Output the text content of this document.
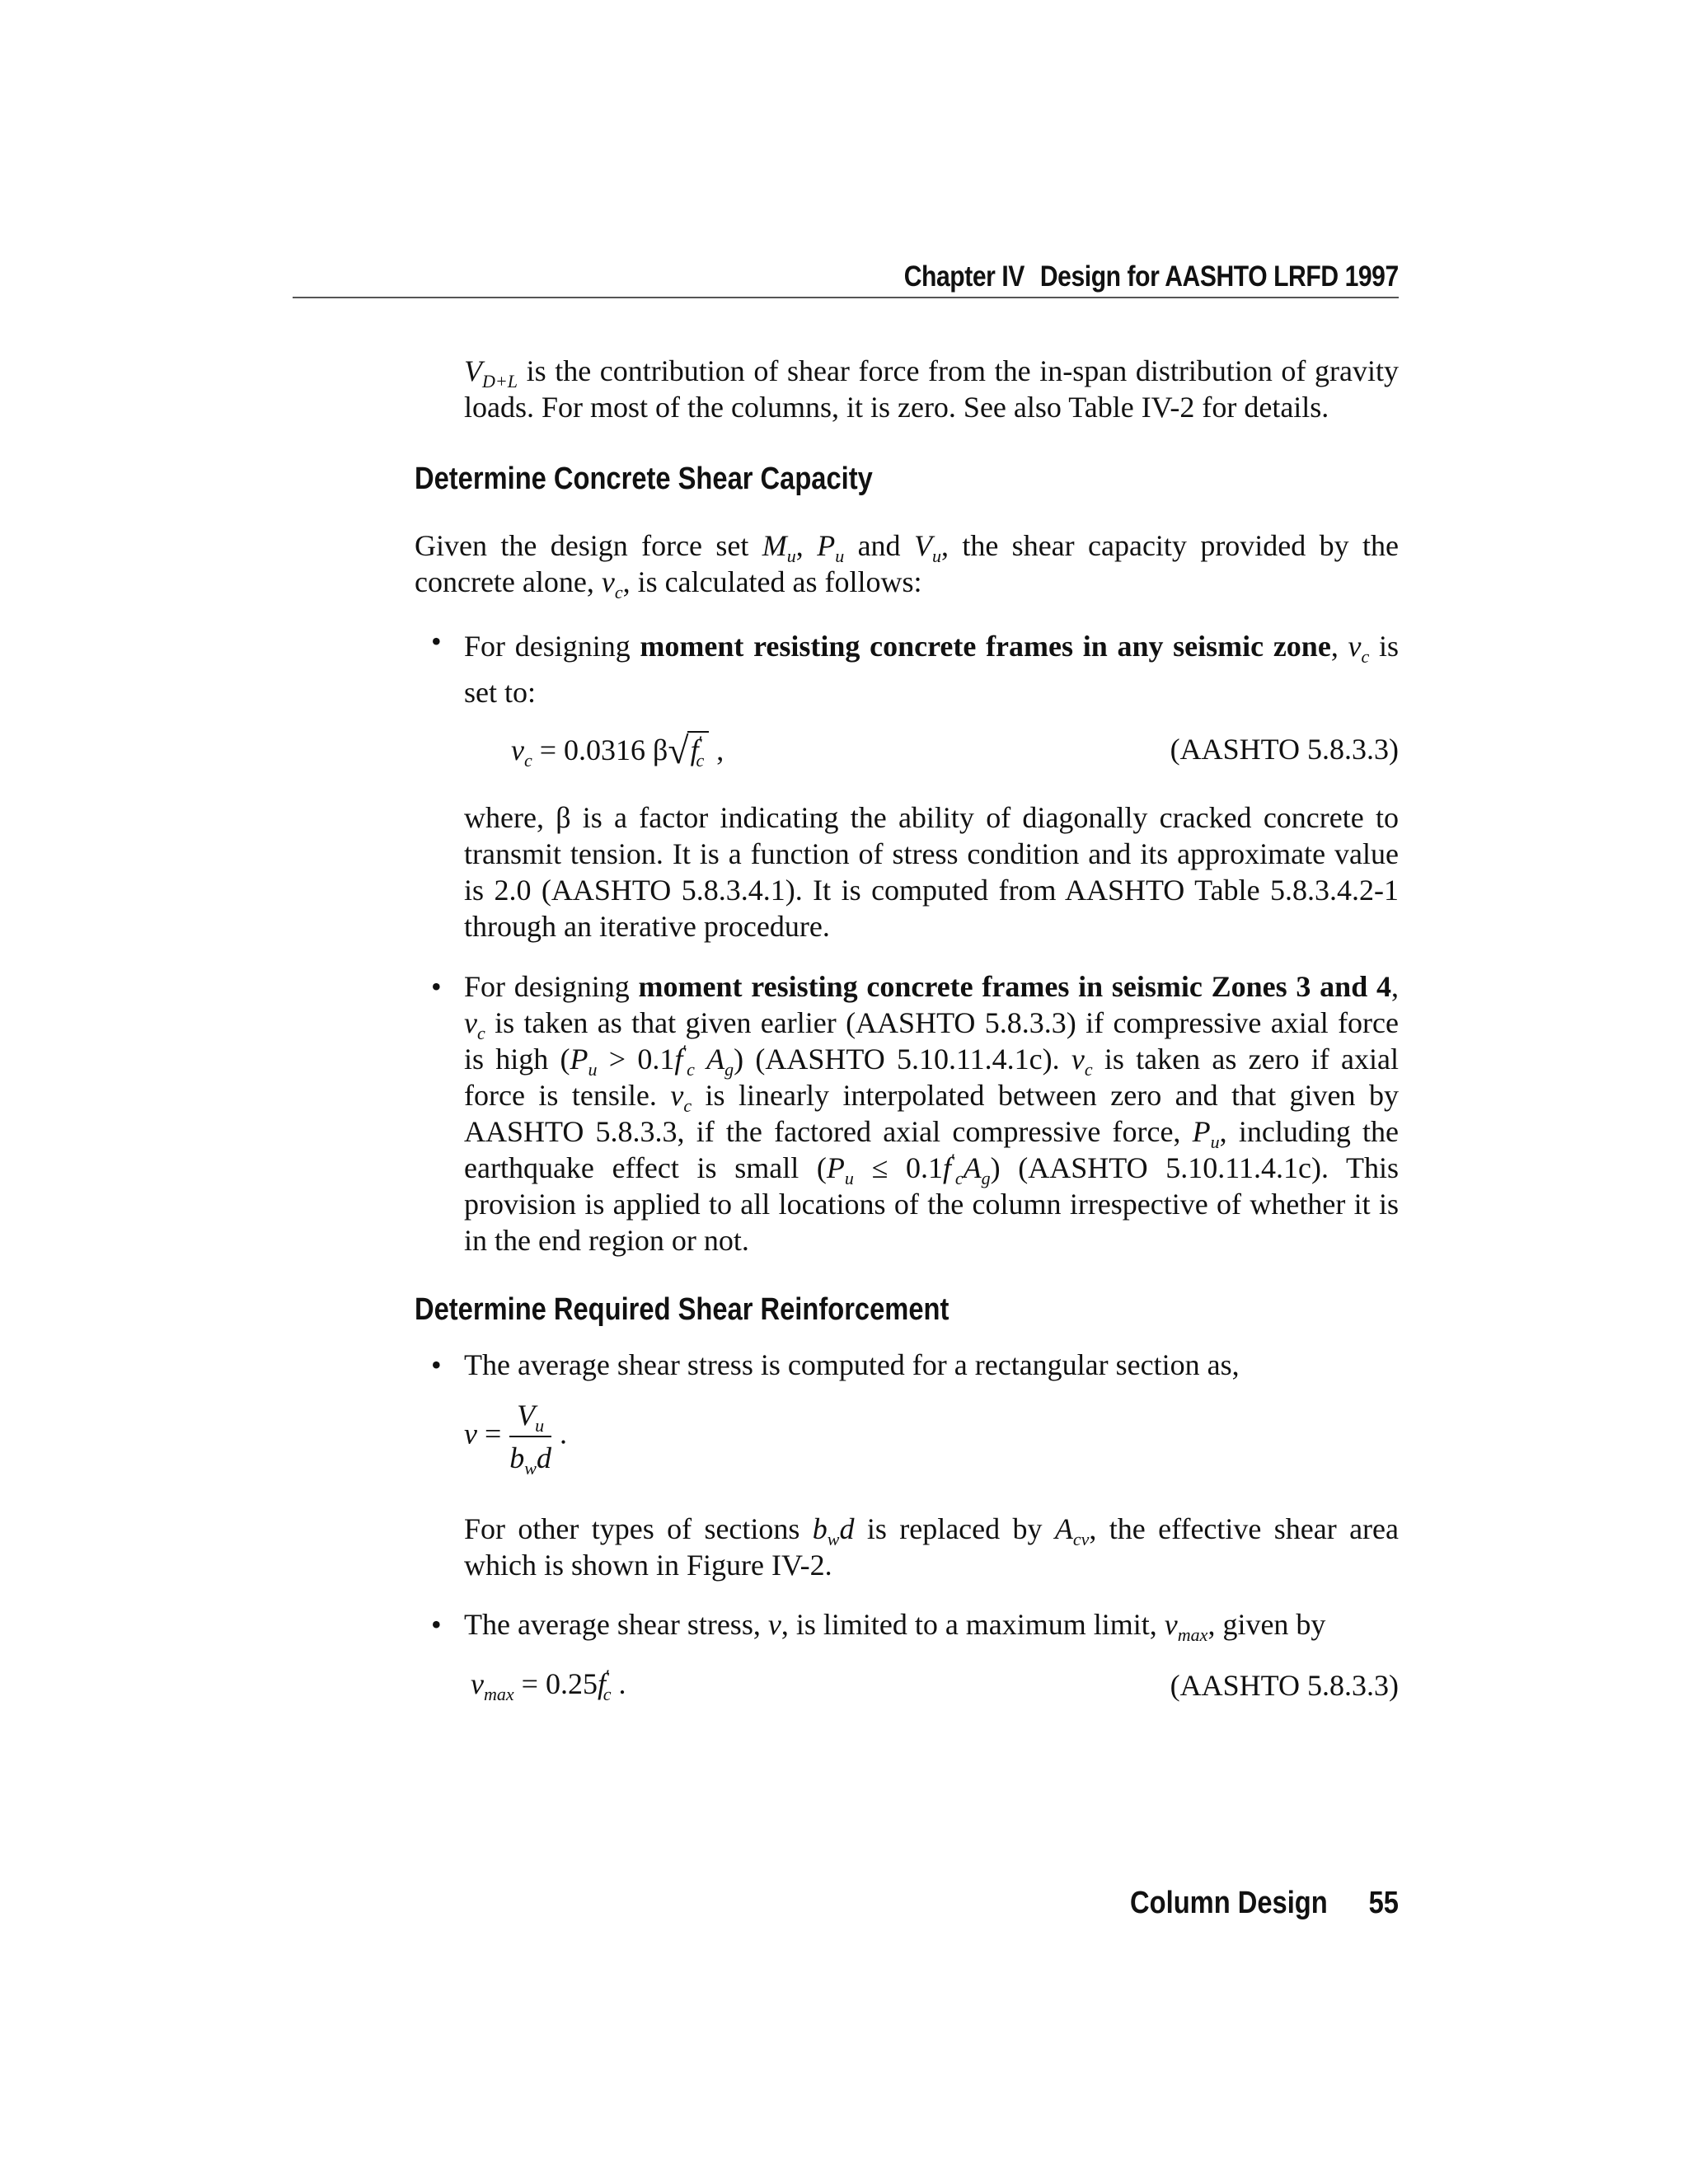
Chapter IV Design for AASHTO LRFD 1997
$V_{D+L}$ is the contribution of shear force from the in-span distribution of gravity loads. For most of the columns, it is zero. See also Table IV-2 for details.
Determine Concrete Shear Capacity
Given the design force set $M_u$, $P_u$ and $V_u$, the shear capacity provided by the concrete alone, $v_c$, is calculated as follows:
• For designing moment resisting concrete frames in any seismic zone, $v_c$ is set to:
$v_c = 0.0316$ $\beta√f'_c$ ,	(AASHTO 5.8.3.3)
where, β is a factor indicating the ability of diagonally cracked concrete to transmit tension. It is a function of stress condition and its approximate value is 2.0 (AASHTO 5.8.3.4.1). It is computed from AASHTO Table 5.8.3.4.2-1 through an iterative procedure.
• For designing moment resisting concrete frames in seismic Zones 3 and 4, $v_c$ is taken as that given earlier (AASHTO 5.8.3.3) if compressive axial force is high ($P_u > 0.1f'_c$ $A_g$) (AASHTO 5.10.11.4.1c). $v_c$ is taken as zero if axial force is tensile. $v_c$ is linearly interpolated between zero and that given by AASHTO 5.8.3.3, if the factored axial compressive force, $P_u$, including the earthquake effect is small $(P_u \le 0.1f'_cA_g)$ (AASHTO 5.10.11.4.1c). This provision is applied to all locations of the column irrespective of whether it is in the end region or not.
Determine Required Shear Reinforcement
• The average shear stress is computed for a rectangular section as,
$v = \frac{V_u}{b_wd}$ .
For other types of sections $b_wd$ is replaced by $A_{cv}$, the effective shear area which is shown in Figure IV-2.
• The average shear stress, v, is limited to a maximum limit, $v_{max}$, given by
$v_{max} = 0.25f'_c$ .	(AASHTO 5.8.3.3)
Column Design 55
